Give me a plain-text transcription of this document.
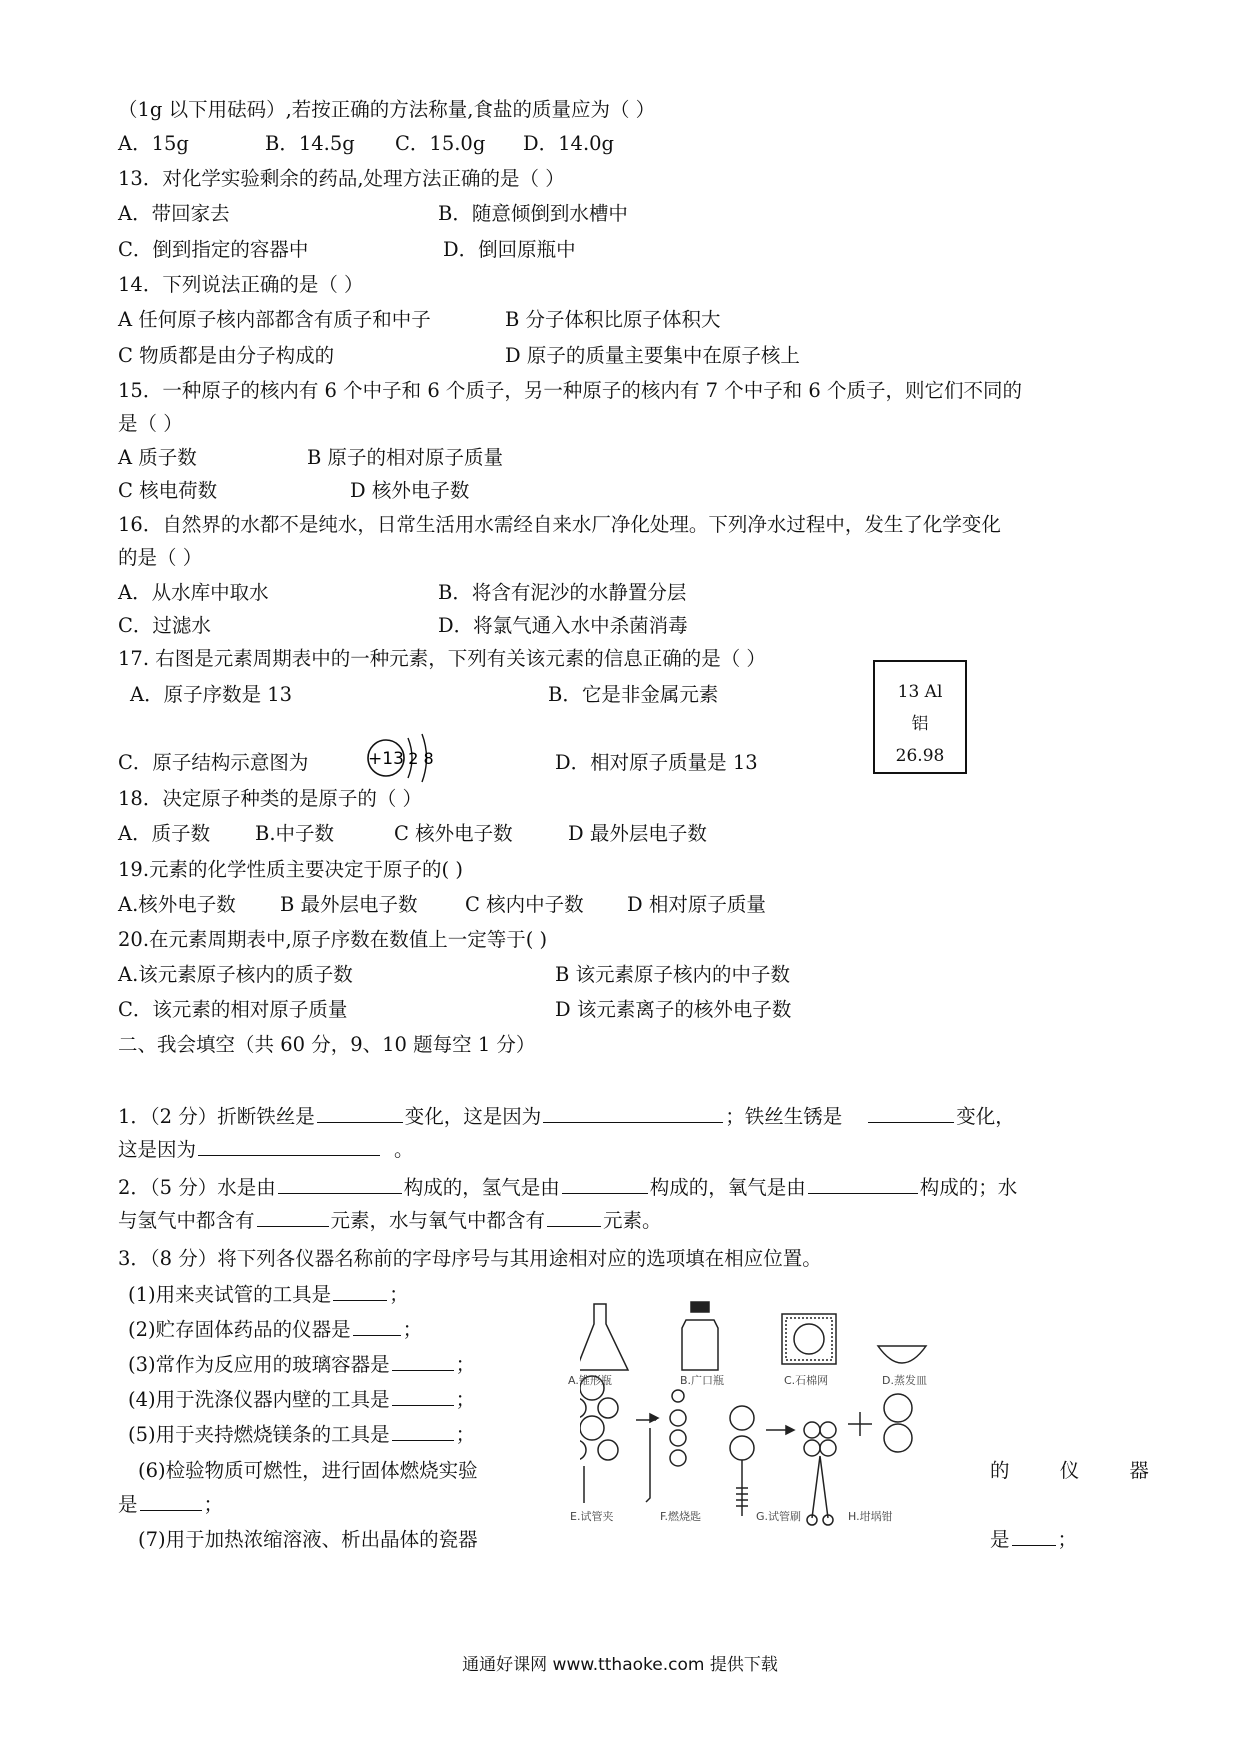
（1g 以下用砝码）,若按正确的方法称量,食盐的质量应为（ ）
A．15g	B．14.5g C．15.0g D．14.0g
13．对化学实验剩余的药品,处理方法正确的是（ ）
A．带回家去	B．随意倾倒到水槽中
C．倒到指定的容器中	D．倒回原瓶中
14．下列说法正确的是（ ）
A 任何原子核内部都含有质子和中子	B 分子体积比原子体积大
C 物质都是由分子构成的	D 原子的质量主要集中在原子核上
15．一种原子的核内有 6 个中子和 6 个质子，另一种原子的核内有 7 个中子和 6 个质子，则它们不同的
是（ ）
A 质子数	B 原子的相对原子质量
C 核电荷数	D 核外电子数
16．自然界的水都不是纯水，日常生活用水需经自来水厂净化处理。下列净水过程中，发生了化学变化
的是（ ）
A．从水库中取水	B．将含有泥沙的水静置分层
C．过滤水	D．将氯气通入水中杀菌消毒
17. 右图是元素周期表中的一种元素，下列有关该元素的信息正确的是（ ）
A．原子序数是 13	B．它是非金属元素
C．原子结构示意图为	D．相对原子质量是 13
13 Al
铝
26.98
+13 2 8
18．决定原子种类的是原子的（ ）
A．质子数 B.中子数	C 核外电子数	D 最外层电子数
19.元素的化学性质主要决定于原子的( )
A.核外电子数 B 最外层电子数 C 核内中子数 D 相对原子质量
20.在元素周期表中,原子序数在数值上一定等于( )
A.该元素原子核内的质子数	B 该元素原子核内的中子数
C．该元素的相对原子质量	D 该元素离子的核外电子数
二、我会填空（共 60 分，9、10 题每空 1 分）
1．（2 分）折断铁丝是	变化，这是因为	；铁丝生锈是	变化，
这是因为	。
2．（5 分）水是由	构成的，氢气是由	构成的，氧气是由	构成的；水
与氢气中都含有	元素，水与氧气中都含有	元素。
3．（8 分）将下列各仪器名称前的字母序号与其用途相对应的选项填在相应位置。
(1)用来夹试管的工具是	；
(2)贮存固体药品的仪器是	；
(3)常作为反应用的玻璃容器是	；
(4)用于洗涤仪器内壁的工具是	；
(5)用于夹持燃烧镁条的工具是	；
(6)检验物质可燃性，进行固体燃烧实验
是	；
(7)用于加热浓缩溶液、析出晶体的瓷器
的 仪 器
是 ；
A.锥形瓶	B.广口瓶	C.石棉网	D.蒸发皿
E.试管夹	F.燃烧匙	G.试管刷	H.坩埚钳
通通好课网 www.tthaoke.com 提供下载
